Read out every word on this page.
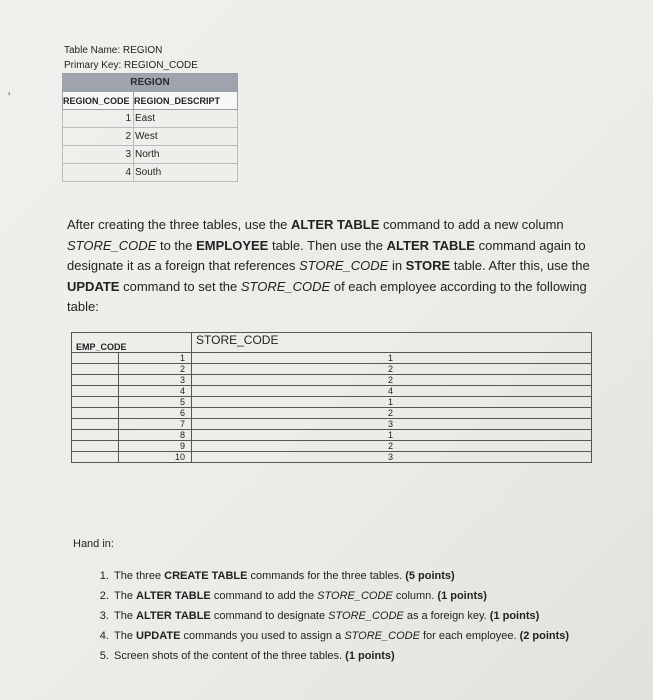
'
Table Name: REGION
Primary Key: REGION_CODE
REGION	
REGION_CODE	REGION_DESCRIPT
1	East
2	West
3	North
4	South
After creating the three tables, use the ALTER TABLE command to add a new column STORE_CODE to the EMPLOYEE table. Then use the ALTER TABLE command again to designate it as a foreign that references STORE_CODE in STORE table. After this, use the UPDATE command to set the STORE_CODE of each employee according to the following table:
EMP_CODE		STORE_CODE
	1	1
	2	2
	3	2
	4	4
	5	1
	6	2
	7	3
	8	1
	9	2
	10	3
Hand in:
1. The three CREATE TABLE commands for the three tables. (5 points)
2. The ALTER TABLE command to add the STORE_CODE column. (1 points)
3. The ALTER TABLE command to designate STORE_CODE as a foreign key. (1 points)
4. The UPDATE commands you used to assign a STORE_CODE for each employee. (2 points)
5. Screen shots of the content of the three tables. (1 points)
